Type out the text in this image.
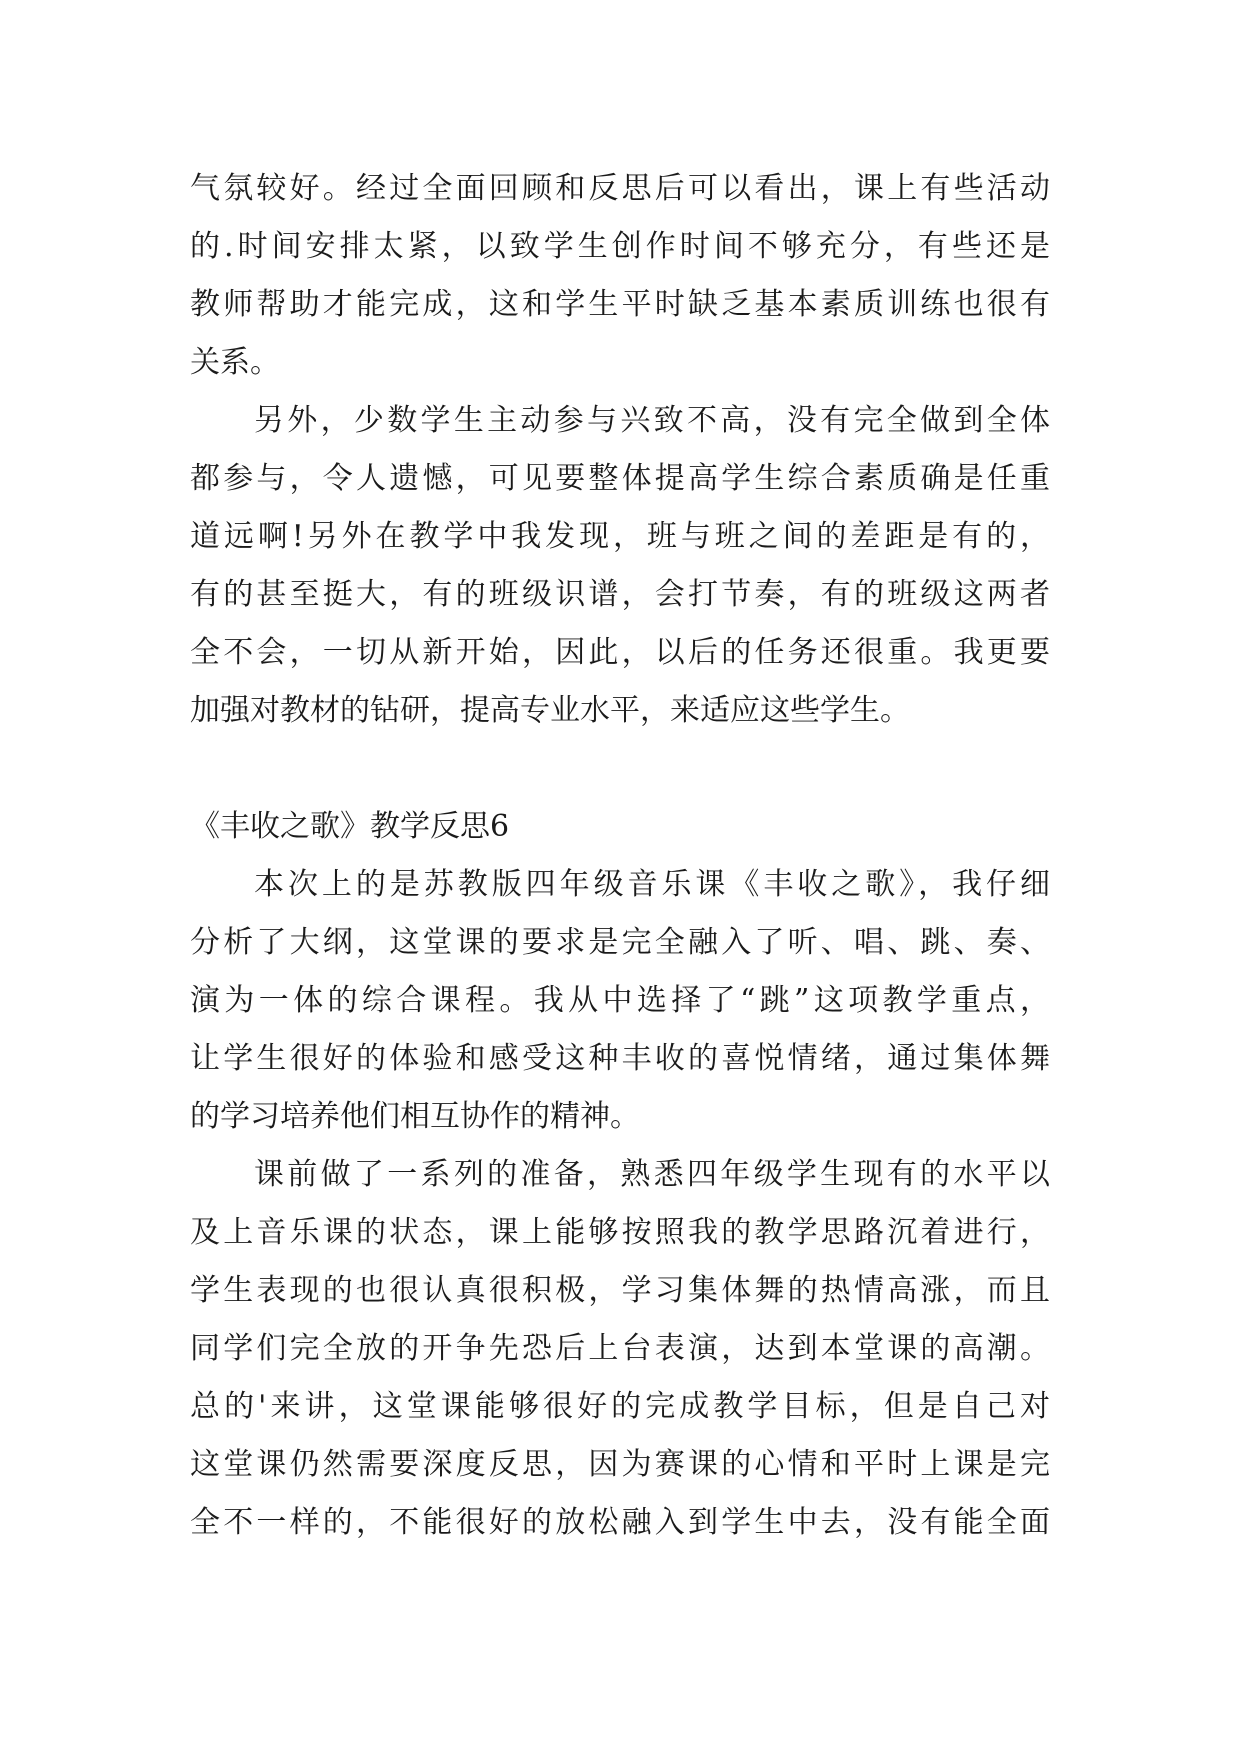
气氛较好。经过全面回顾和反思后可以看出，课上有些活动
的.时间安排太紧，以致学生创作时间不够充分，有些还是
教师帮助才能完成，这和学生平时缺乏基本素质训练也很有
关系。
另外，少数学生主动参与兴致不高，没有完全做到全体
都参与，令人遗憾，可见要整体提高学生综合素质确是任重
道远啊!另外在教学中我发现，班与班之间的差距是有的，
有的甚至挺大，有的班级识谱，会打节奏，有的班级这两者
全不会，一切从新开始，因此，以后的任务还很重。我更要
加强对教材的钻研，提高专业水平，来适应这些学生。
《丰收之歌》教学反思6
本次上的是苏教版四年级音乐课《丰收之歌》，我仔细
分析了大纲，这堂课的要求是完全融入了听、唱、跳、奏、
演为一体的综合课程。我从中选择了“跳”这项教学重点，
让学生很好的体验和感受这种丰收的喜悦情绪，通过集体舞
的学习培养他们相互协作的精神。
课前做了一系列的准备，熟悉四年级学生现有的水平以
及上音乐课的状态，课上能够按照我的教学思路沉着进行，
学生表现的也很认真很积极，学习集体舞的热情高涨，而且
同学们完全放的开争先恐后上台表演，达到本堂课的高潮。
总的'来讲，这堂课能够很好的完成教学目标，但是自己对
这堂课仍然需要深度反思，因为赛课的心情和平时上课是完
全不一样的，不能很好的放松融入到学生中去，没有能全面
